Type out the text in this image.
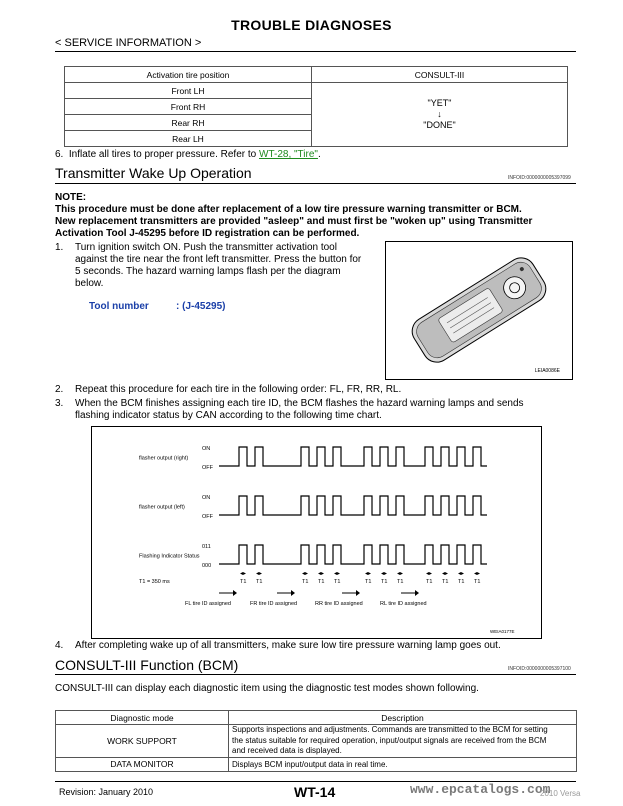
TROUBLE DIAGNOSES
< SERVICE INFORMATION >
Activation tire position	CONSULT-III
Front LH	"YET"
↓
"DONE"

Front RH	
Rear RH	
Rear LH	
6. Inflate all tires to proper pressure. Refer to WT-28, "Tire".
Transmitter Wake Up Operation	INFOID:0000000005397099
NOTE:
This procedure must be done after replacement of a low tire pressure warning transmitter or BCM.
New replacement transmitters are provided "asleep" and must first be "woken up" using Transmitter
Activation Tool J-45295 before ID registration can be performed.
1. Turn ignition switch ON. Push the transmitter activation tool
against the tire near the front left transmitter. Press the button for
5 seconds. The hazard warning lamps flash per the diagram
below.
Tool number	: (J-45295)
LEIA0086E
2. Repeat this procedure for each tire in the following order: FL, FR, RR, RL.
3. When the BCM finishes assigning each tire ID, the BCM flashes the hazard warning lamps and sends
flashing indicator status by CAN according to the following time chart.
flasher output (right)
ON
OFF
flasher output (left)
ON
OFF
Flashing Indicator Status
011
000
◂▸
T1
◂▸
T1
◂▸
T1
◂▸
T1
◂▸
T1
◂▸
T1
◂▸
T1
◂▸
T1
◂▸
T1
◂▸
T1
◂▸
T1
◂▸
T1
T1 = 350 ms
FL tire ID assigned	FR tire ID assigned	RR tire ID assigned	RL tire ID assigned
WEIA0177E
4. After completing wake up of all transmitters, make sure low tire pressure warning lamp goes out.
CONSULT-III Function (BCM)	INFOID:0000000005397100
CONSULT-III can display each diagnostic item using the diagnostic test modes shown following.
Diagnostic mode	Description
WORK SUPPORT	Supports inspections and adjustments. Commands are transmitted to the BCM for setting
the status suitable for required operation, input/output signals are received from the BCM
and received data is displayed.

DATA MONITOR	Displays BCM input/output data in real time.
Revision: January 2010	WT-14	www.epcatalogs.com
2010 Versa
